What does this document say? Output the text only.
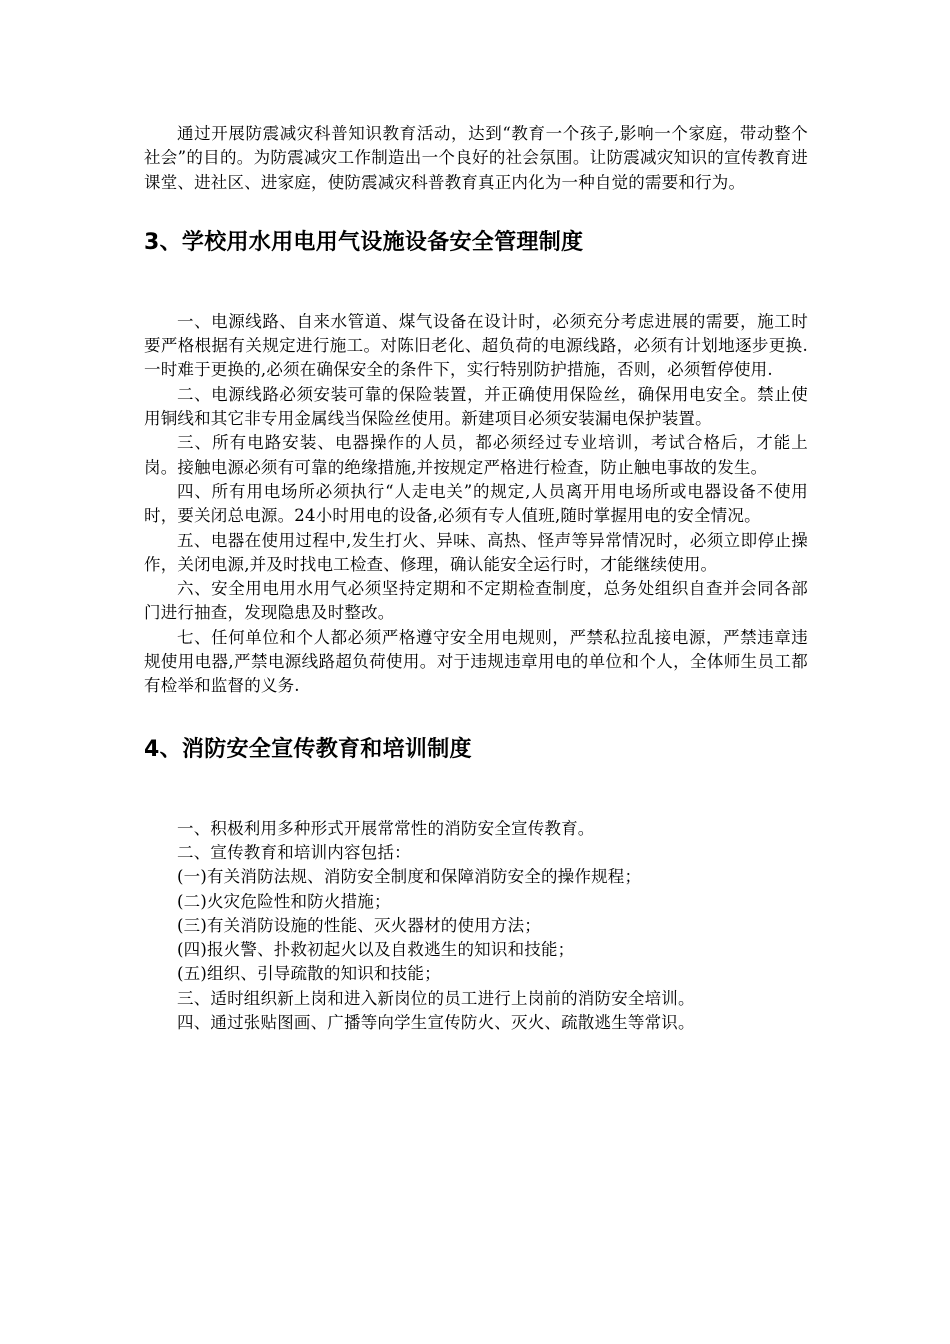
通过开展防震减灾科普知识教育活动，达到“教育一个孩子,影响一个家庭，带动整个社会”的目的。为防震减灾工作制造出一个良好的社会氛围。让防震减灾知识的宣传教育进课堂、进社区、进家庭，使防震减灾科普教育真正内化为一种自觉的需要和行为。

3、学校用水用电用气设施设备安全管理制度

一、电源线路、自来水管道、煤气设备在设计时，必须充分考虑进展的需要，施工时要严格根据有关规定进行施工。对陈旧老化、超负荷的电源线路，必须有计划地逐步更换.一时难于更换的,必须在确保安全的条件下，实行特别防护措施，否则，必须暂停使用.

二、电源线路必须安装可靠的保险装置，并正确使用保险丝，确保用电安全。禁止使用铜线和其它非专用金属线当保险丝使用。新建项目必须安装漏电保护装置。

三、所有电路安装、电器操作的人员，都必须经过专业培训，考试合格后，才能上岗。接触电源必须有可靠的绝缘措施,并按规定严格进行检查，防止触电事故的发生。

四、所有用电场所必须执行“人走电关”的规定,人员离开用电场所或电器设备不使用时，要关闭总电源。24小时用电的设备,必须有专人值班,随时掌握用电的安全情况。

五、电器在使用过程中,发生打火、异味、高热、怪声等异常情况时，必须立即停止操作，关闭电源,并及时找电工检查、修理，确认能安全运行时，才能继续使用。

六、安全用电用水用气必须坚持定期和不定期检查制度，总务处组织自查并会同各部门进行抽查，发现隐患及时整改。

七、任何单位和个人都必须严格遵守安全用电规则，严禁私拉乱接电源，严禁违章违规使用电器,严禁电源线路超负荷使用。对于违规违章用电的单位和个人，全体师生员工都有检举和监督的义务.

4、消防安全宣传教育和培训制度

一、积极利用多种形式开展常常性的消防安全宣传教育。

二、宣传教育和培训内容包括：

(一)有关消防法规、消防安全制度和保障消防安全的操作规程；

(二)火灾危险性和防火措施；

(三)有关消防设施的性能、灭火器材的使用方法；

(四)报火警、扑救初起火以及自救逃生的知识和技能；

(五)组织、引导疏散的知识和技能；

三、适时组织新上岗和进入新岗位的员工进行上岗前的消防安全培训。

四、通过张贴图画、广播等向学生宣传防火、灭火、疏散逃生等常识。
